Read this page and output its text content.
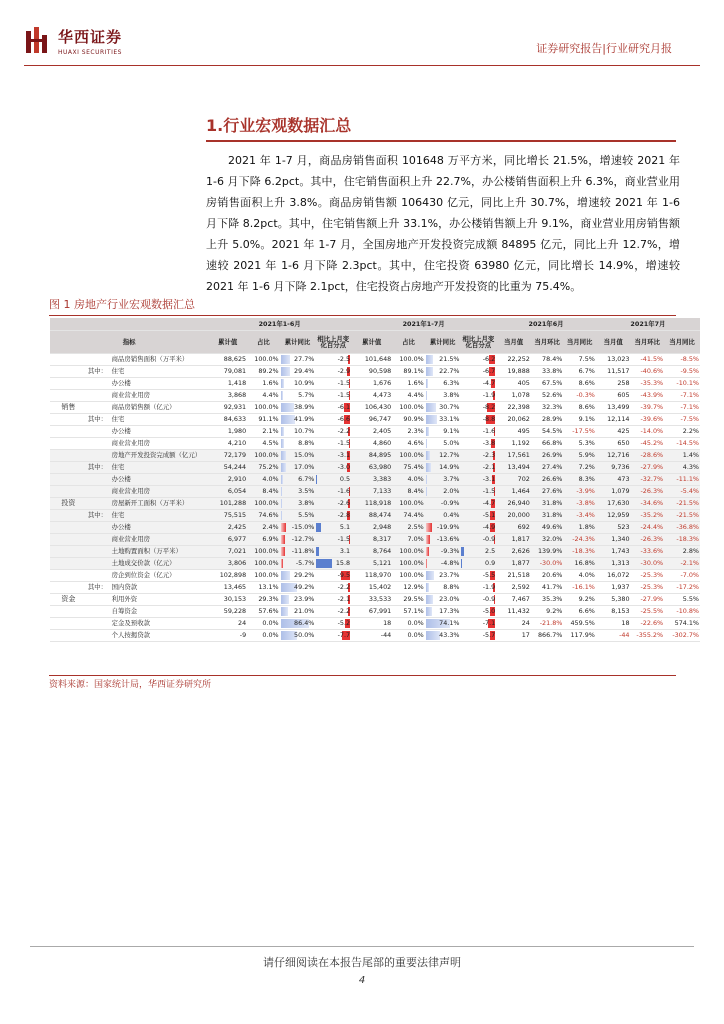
华西证券
HUAXI SECURITIES	证券研究报告|行业研究月报
1.行业宏观数据汇总
2021 年 1-7 月，商品房销售面积 101648 万平方米，同比增长 21.5%，增速较 2021 年 1-6 月下降 6.2pct。其中，住宅销售面积上升 22.7%，办公楼销售面积上升 6.3%，商业营业用房销售面积上升 3.8%。商品房销售额 106430 亿元，同比上升 30.7%，增速较 2021 年 1-6 月下降 8.2pct。其中，住宅销售额上升 33.1%，办公楼销售额上升 9.1%，商业营业用房销售额上升 5.0%。2021 年 1-7 月，全国房地产开发投资完成额 84895 亿元，同比上升 12.7%，增速较 2021 年 1-6 月下降 2.3pct。其中，住宅投资 63980 亿元，同比增长 14.9%，增速较 2021 年 1-6 月下降 2.1pct，住宅投资占房地产开发投资的比重为 75.4%。
图 1 房地产行业宏观数据汇总
			2021年1-6月				2021年1-7月				2021年6月			2021年7月		
指标			累计值	占比	累计同比	相比上月变化百分点	累计值	占比	累计同比	相比上月变化百分点	当月值	当月环比	当月同比	当月值	当月环比	当月同比
		商品房销售面积（万平米）	88,625	100.0%	27.7%	-2.5	101,648	100.0%	21.5%	-6.2	22,252	78.4%	7.5%	13,023	-41.5%	-8.5%
	其中：	住宅	79,081	89.2%	29.4%	-2.9	90,598	89.1%	22.7%	-6.7	19,888	33.8%	6.7%	11,517	-40.6%	-9.5%
		办公楼	1,418	1.6%	10.9%	-1.5	1,676	1.6%	6.3%	-4.7	405	67.5%	8.6%	258	-35.3%	-10.1%
		商业营业用房	3,868	4.4%	5.7%	-1.5	4,473	4.4%	3.8%	-1.9	1,078	52.6%	-0.3%	605	-43.9%	-7.1%
销售		商品房销售额（亿元）	92,931	100.0%	38.9%	-6.1	106,430	100.0%	30.7%	-8.2	22,398	32.3%	8.6%	13,499	-39.7%	-7.1%
	其中：	住宅	84,633	91.1%	41.9%	-6.6	96,747	90.9%	33.1%	-8.8	20,062	28.9%	9.1%	12,114	-39.6%	-7.5%
		办公楼	1,980	2.1%	10.7%	-2.2	2,405	2.3%	9.1%	-1.6	495	54.5%	-17.5%	425	-14.0%	2.2%
		商业营业用房	4,210	4.5%	8.8%	-1.5	4,860	4.6%	5.0%	-3.8	1,192	66.8%	5.3%	650	-45.2%	-14.5%
		房地产开发投资完成额（亿元）	72,179	100.0%	15.0%	-3.1	84,895	100.0%	12.7%	-2.3	17,561	26.9%	5.9%	12,716	-28.6%	1.4%
	其中：	住宅	54,244	75.2%	17.0%	-3.0	63,980	75.4%	14.9%	-2.1	13,494	27.4%	7.2%	9,736	-27.9%	4.3%
		办公楼	2,910	4.0%	6.7%	0.5	3,383	4.0%	3.7%	-3.1	702	26.6%	8.3%	473	-32.7%	-11.1%
		商业营业用房	6,054	8.4%	3.5%	-1.6	7,133	8.4%	2.0%	-1.5	1,464	27.6%	-3.9%	1,079	-26.3%	-5.4%
投资		房屋新开工面积（万平米）	101,288	100.0%	3.8%	-2.6	118,918	100.0%	-0.9%	-4.7	26,940	31.8%	-3.8%	17,630	-34.6%	-21.5%
	其中：	住宅	75,515	74.6%	5.5%	-2.8	88,474	74.4%	0.4%	-5.1	20,000	31.8%	-3.4%	12,959	-35.2%	-21.5%
		办公楼	2,425	2.4%	-15.0%	5.1	2,948	2.5%	-19.9%	-4.9	692	49.6%	1.8%	523	-24.4%	-36.8%
		商业营业用房	6,977	6.9%	-12.7%	-1.5	8,317	7.0%	-13.6%	-0.9	1,817	32.0%	-24.3%	1,340	-26.3%	-18.3%
		土地购置面积（万平米）	7,021	100.0%	-11.8%	3.1	8,764	100.0%	-9.3%	2.5	2,626	139.9%	-18.3%	1,743	-33.6%	2.8%
		土地成交价款（亿元）	3,806	100.0%	-5.7%	15.8	5,121	100.0%	-4.8%	0.9	1,877	-30.0%	16.8%	1,313	-30.0%	-2.1%
		房企到位资金（亿元）	102,898	100.0%	29.2%	-9.5	118,970	100.0%	23.7%	-5.5	21,518	20.6%	4.0%	16,072	-25.3%	-7.0%
	其中：	国内贷款	13,465	13.1%	49.2%	-2.2	15,402	12.9%	8.8%	-1.9	2,592	41.7%	-16.1%	1,937	-25.3%	-17.2%
资金		利用外资	30,153	29.3%	23.9%	-2.1	33,533	29.5%	23.0%	-0.9	7,467	35.3%	9.2%	5,380	-27.9%	5.5%
		自筹资金	59,228	57.6%	21.0%	-2.2	67,991	57.1%	17.3%	-5.0	11,432	9.2%	6.6%	8,153	-25.5%	-10.8%
		定金及预收款	24	0.0%	86.4%	-5.2	18	0.0%	74.1%	-7.1	24	-21.8%	459.5%	18	-22.6%	574.1%
		个人按揭贷款	-9	0.0%	50.0%	-7.7	-44	0.0%	43.3%	-5.7	17	866.7%	117.9%	-44	-355.2%	-302.7%
资料来源：国家统计局，华西证券研究所
请仔细阅读在本报告尾部的重要法律声明
4
